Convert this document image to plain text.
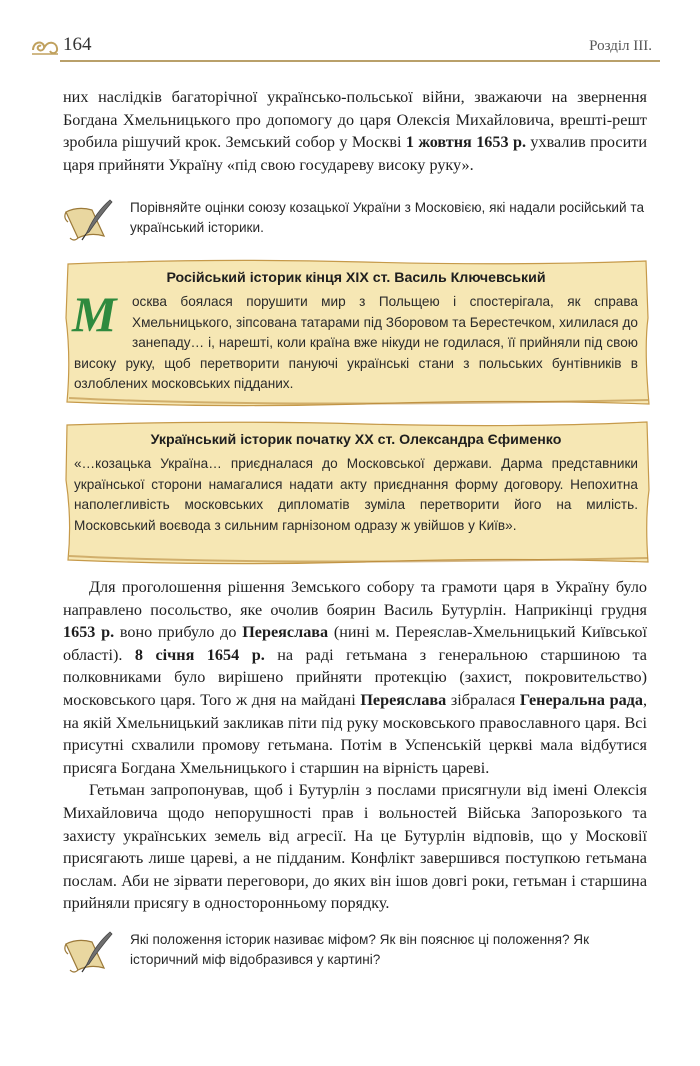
164	Розділ III.

них наслідків багаторічної українсько-польської війни, зважаючи на звернення Богдана Хмельницького про допомогу до царя Олексія Михайловича, врешті-решт зробила рішучий крок. Земський собор у Москві 1 жовтня 1653 р. ухвалив просити царя прийняти Україну «під свою государеву високу руку».

Порівняйте оцінки союзу козацької України з Московією, які надали російський та український історики.

Російський історик кінця XIX ст. Василь Ключевський

М	осква боялася порушити мир з Польщею і спостерігала, як справа Хмельницького, зіпсована татарами під Зборовом та Берестечком, хилилася до занепаду… і, нарешті, коли країна вже нікуди не годилася, її прийняли під свою високу руку, щоб перетворити пануючі українські стани з польських бунтівників в озлоблених московських підданих.

Український історик початку XX ст. Олександра Єфименко

«…козацька Україна… приєдналася до Московської держави. Дарма представники української сторони намагалися надати акту приєднання форму договору. Непохитна наполегливість московських дипломатів зуміла перетворити його на милість. Московський воєвода з сильним гарнізоном одразу ж увійшов у Київ».

Для проголошення рішення Земського собору та грамоти царя в Україну було направлено посольство, яке очолив боярин Василь Бутурлін. Наприкінці грудня 1653 р. воно прибуло до Переяслава (нині м. Переяслав-Хмельницький Київської області). 8 січня 1654 р. на раді гетьмана з генеральною старшиною та полковниками було вирішено прийняти протекцію (захист, покровительство) московського царя. Того ж дня на майдані Переяслава зібралася Генеральна рада, на якій Хмельницький закликав піти під руку московського православного царя. Всі присутні схвалили промову гетьмана. Потім в Успенській церкві мала відбутися присяга Богдана Хмельницького і старшин на вірність цареві.

Гетьман запропонував, щоб і Бутурлін з послами присягнули від імені Олексія Михайловича щодо непорушності прав і вольностей Війська Запорозького та захисту українських земель від агресії. На це Бутурлін відповів, що у Московії присягають лише цареві, а не підданим. Конфлікт завершився поступкою гетьмана послам. Аби не зірвати переговори, до яких він ішов довгі роки, гетьман і старшина прийняли присягу в односторонньому порядку.

Які положення історик називає міфом? Як він пояснює ці положення? Як історичний міф відобразився у картині?
